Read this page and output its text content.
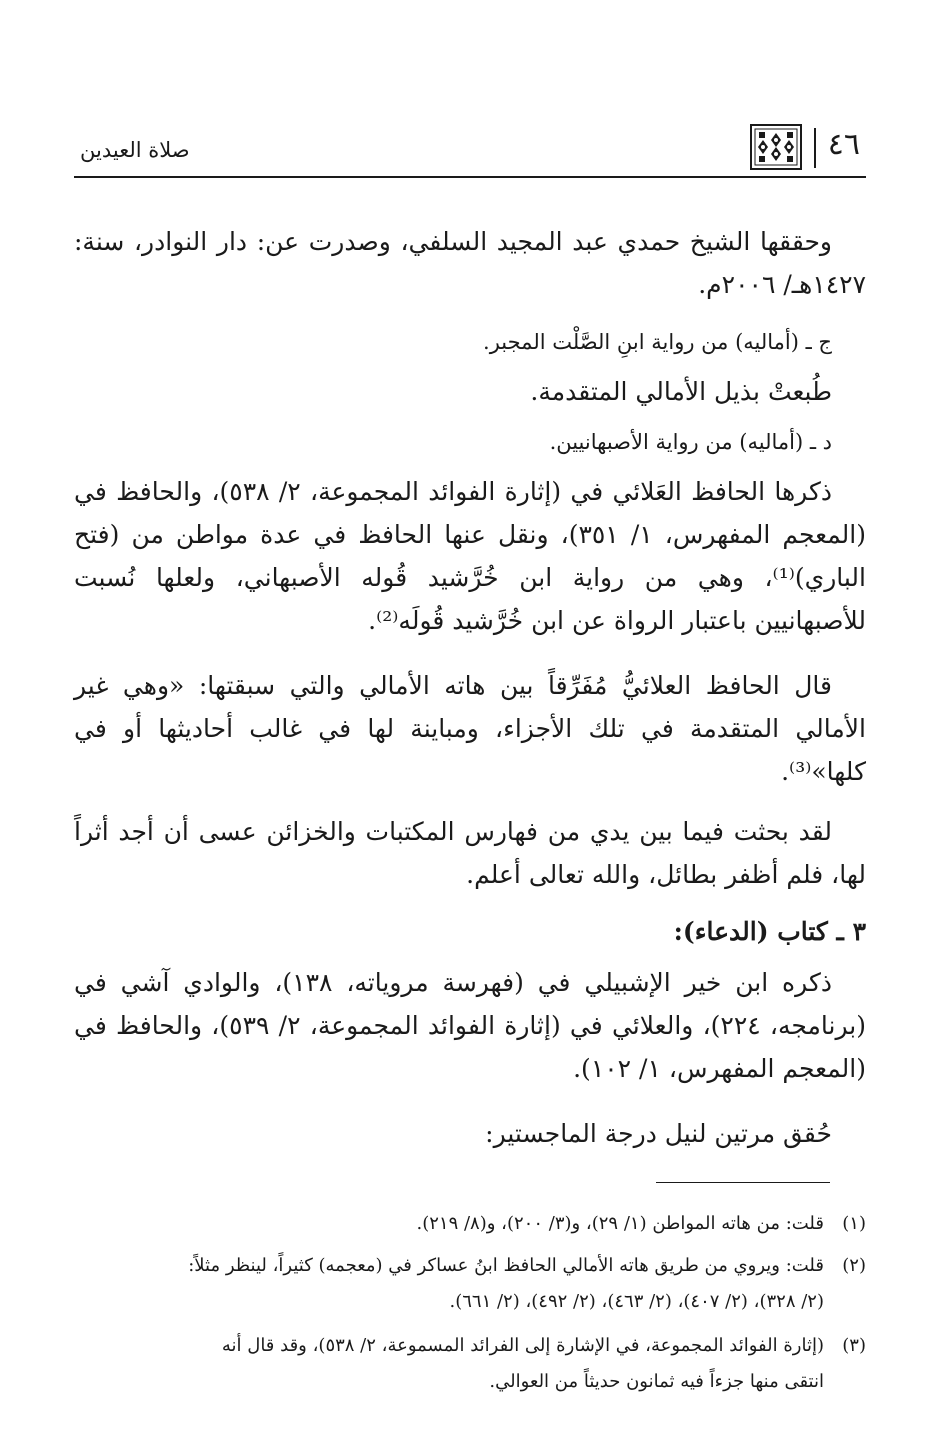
٤٦
صلاة العيدين

وحققها الشيخ حمدي عبد المجيد السلفي، وصدرت عن: دار النوادر، سنة: ١٤٢٧هـ/ ٢٠٠٦م.

ج ـ (أماليه) من رواية ابنِ الصَّلْت المجبر.

طُبعتْ بذيل الأمالي المتقدمة.

د ـ (أماليه) من رواية الأصبهانيين.

ذكرها الحافظ العَلائي في (إثارة الفوائد المجموعة، ٢/ ٥٣٨)، والحافظ في (المعجم المفهرس، ١/ ٣٥١)، ونقل عنها الحافظ في عدة مواطن من (فتح الباري)⁽¹⁾، وهي من رواية ابن خُرَّشيد قُوله الأصبهاني، ولعلها نُسبت للأصبهانيين باعتبار الرواة عن ابن خُرَّشيد قُولَه⁽²⁾.

قال الحافظ العلائيُّ مُفَرِّقاً بين هاته الأمالي والتي سبقتها: «وهي غير الأمالي المتقدمة في تلك الأجزاء، ومباينة لها في غالب أحاديثها أو في كلها»⁽³⁾.

لقد بحثت فيما بين يدي من فهارس المكتبات والخزائن عسى أن أجد أثراً لها، فلم أظفر بطائل، والله تعالى أعلم.

٣ ـ كتاب (الدعاء):

ذكره ابن خير الإشبيلي في (فهرسة مروياته، ١٣٨)، والوادي آشي في (برنامجه، ٢٢٤)، والعلائي في (إثارة الفوائد المجموعة، ٢/ ٥٣٩)، والحافظ في (المعجم المفهرس، ١/ ١٠٢).

حُقق مرتين لنيل درجة الماجستير:

(١)قلت: من هاته المواطن (١/ ٢٩)، و(٣/ ٢٠٠)، و(٨/ ٢١٩).

(٢)قلت: ويروي من طريق هاته الأمالي الحافظ ابنُ عساكر في (معجمه) كثيراً، لينظر مثلاً:
(٢/ ٣٢٨)، (٢/ ٤٠٧)، (٢/ ٤٦٣)، (٢/ ٤٩٢)، (٢/ ٦٦١).

(٣)(إثارة الفوائد المجموعة، في الإشارة إلى الفرائد المسموعة، ٢/ ٥٣٨)، وقد قال أنه
انتقى منها جزءاً فيه ثمانون حديثاً من العوالي.
